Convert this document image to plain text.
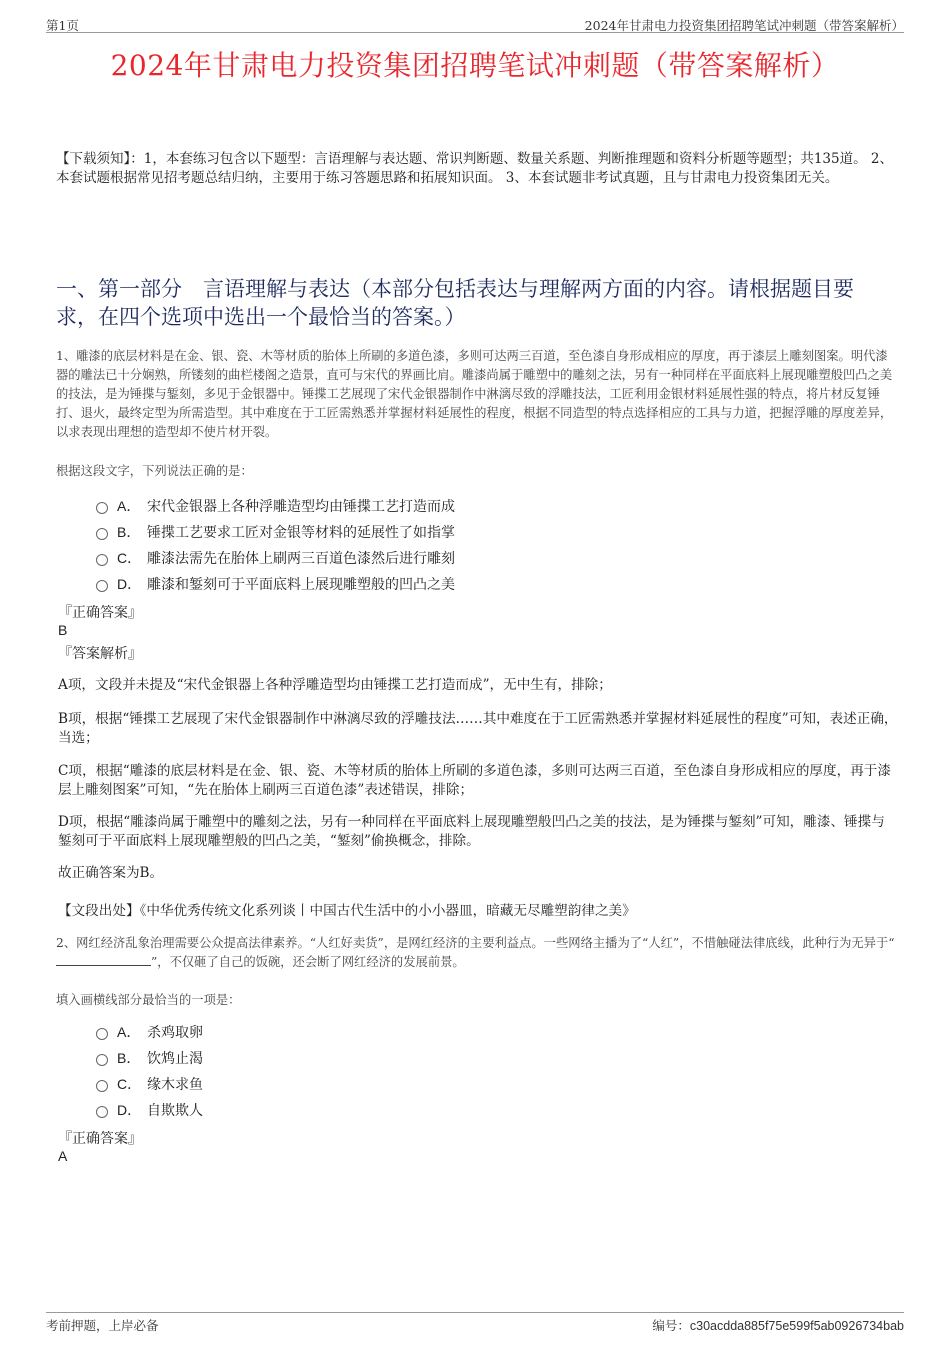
第1页	2024年甘肃电力投资集团招聘笔试冲刺题（带答案解析）
2024年甘肃电力投资集团招聘笔试冲刺题（带答案解析）
【下载须知】：1，本套练习包含以下题型：言语理解与表达题、常识判断题、数量关系题、判断推理题和资料分析题等题型；共135道。 2、本套试题根据常见招考题总结归纳，主要用于练习答题思路和拓展知识面。 3、本套试题非考试真题，且与甘肃电力投资集团无关。
一、第一部分　言语理解与表达（本部分包括表达与理解两方面的内容。请根据题目要求，在四个选项中选出一个最恰当的答案。）
1、雕漆的底层材料是在金、银、瓷、木等材质的胎体上所刷的多道色漆，多则可达两三百道，至色漆自身形成相应的厚度，再于漆层上雕刻图案。明代漆器的雕法已十分娴熟，所镂刻的曲栏楼阁之造景，直可与宋代的界画比肩。雕漆尚属于雕塑中的雕刻之法，另有一种同样在平面底料上展现雕塑般凹凸之美的技法，是为锤揲与錾刻，多见于金银器中。锤揲工艺展现了宋代金银器制作中淋漓尽致的浮雕技法，工匠利用金银材料延展性强的特点，将片材反复锤打、退火，最终定型为所需造型。其中难度在于工匠需熟悉并掌握材料延展性的程度，根据不同造型的特点选择相应的工具与力道，把握浮雕的厚度差异，以求表现出理想的造型却不使片材开裂。
根据这段文字，下列说法正确的是：
A． 宋代金银器上各种浮雕造型均由锤揲工艺打造而成
B． 锤揲工艺要求工匠对金银等材料的延展性了如指掌
C． 雕漆法需先在胎体上刷两三百道色漆然后进行雕刻
D． 雕漆和錾刻可于平面底料上展现雕塑般的凹凸之美
『正确答案』
B
『答案解析』
A项，文段并未提及“宋代金银器上各种浮雕造型均由锤揲工艺打造而成”，无中生有，排除；
B项，根据“锤揲工艺展现了宋代金银器制作中淋漓尽致的浮雕技法……其中难度在于工匠需熟悉并掌握材料延展性的程度”可知，表述正确，当选；
C项，根据“雕漆的底层材料是在金、银、瓷、木等材质的胎体上所刷的多道色漆，多则可达两三百道，至色漆自身形成相应的厚度，再于漆层上雕刻图案”可知，“先在胎体上刷两三百道色漆”表述错误，排除；
D项，根据“雕漆尚属于雕塑中的雕刻之法，另有一种同样在平面底料上展现雕塑般凹凸之美的技法，是为锤揲与錾刻”可知，雕漆、锤揲与錾刻可于平面底料上展现雕塑般的凹凸之美，“錾刻”偷换概念，排除。
故正确答案为B。
【文段出处】《中华优秀传统文化系列谈丨中国古代生活中的小小器皿，暗藏无尽雕塑韵律之美》
2、网红经济乱象治理需要公众提高法律素养。“人红好卖货”，是网红经济的主要利益点。一些网络主播为了“人红”，不惜触碰法律底线，此种行为无异于“”，不仅砸了自己的饭碗，还会断了网红经济的发展前景。
填入画横线部分最恰当的一项是：
A． 杀鸡取卵
B． 饮鸩止渴
C． 缘木求鱼
D． 自欺欺人
『正确答案』
A
考前押题，上岸必备	编号：c30acdda885f75e599f5ab0926734bab
